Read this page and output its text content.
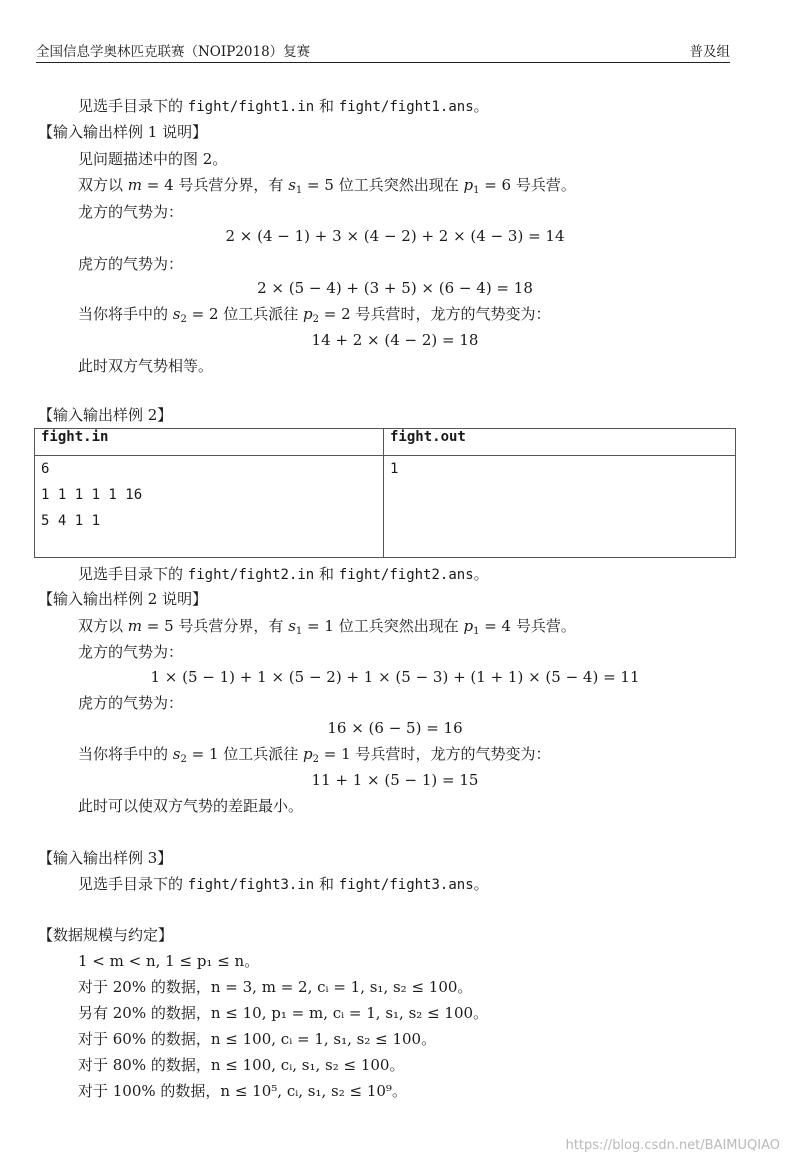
全国信息学奥林匹克联赛（NOIP2018）复赛	普及组
见选手目录下的 fight/fight1.in 和 fight/fight1.ans。
【输入输出样例 1 说明】
见问题描述中的图 2。
双方以 m = 4 号兵营分界，有 $s_1 = 5$ 位工兵突然出现在 $p_1 = 6$ 号兵营。
龙方的气势为：
2 × (4 − 1) + 3 × (4 − 2) + 2 × (4 − 3) = 14
虎方的气势为：
2 × (5 − 4) + (3 + 5) × (6 − 4) = 18
当你将手中的 $s_2 = 2$ 位工兵派往 $p_2 = 2$ 号兵营时，龙方的气势变为：
14 + 2 × (4 − 2) = 18
此时双方气势相等。
【输入输出样例 2】
fight.in	fight.out

6
1 1 1 1 1 16
5 4 1 1	1
见选手目录下的 fight/fight2.in 和 fight/fight2.ans。
【输入输出样例 2 说明】
双方以 m = 5 号兵营分界，有 $s_1 = 1$ 位工兵突然出现在 $p_1 = 4$ 号兵营。
龙方的气势为：
1 × (5 − 1) + 1 × (5 − 2) + 1 × (5 − 3) + (1 + 1) × (5 − 4) = 11
虎方的气势为：
16 × (6 − 5) = 16
当你将手中的 $s_2 = 1$ 位工兵派往 $p_2 = 1$ 号兵营时，龙方的气势变为：
11 + 1 × (5 − 1) = 15
此时可以使双方气势的差距最小。
【输入输出样例 3】
见选手目录下的 fight/fight3.in 和 fight/fight3.ans。
【数据规模与约定】
1 < m < n, 1 ≤ p₁ ≤ n。
对于 20% 的数据，n = 3, m = 2, cᵢ = 1, s₁, s₂ ≤ 100。
另有 20% 的数据，n ≤ 10, p₁ = m, cᵢ = 1, s₁, s₂ ≤ 100。
对于 60% 的数据，n ≤ 100, cᵢ = 1, s₁, s₂ ≤ 100。
对于 80% 的数据，n ≤ 100, cᵢ, s₁, s₂ ≤ 100。
对于 100% 的数据，n ≤ 10⁵, cᵢ, s₁, s₂ ≤ 10⁹。
https://blog.csdn.net/BAIMUQIAO
